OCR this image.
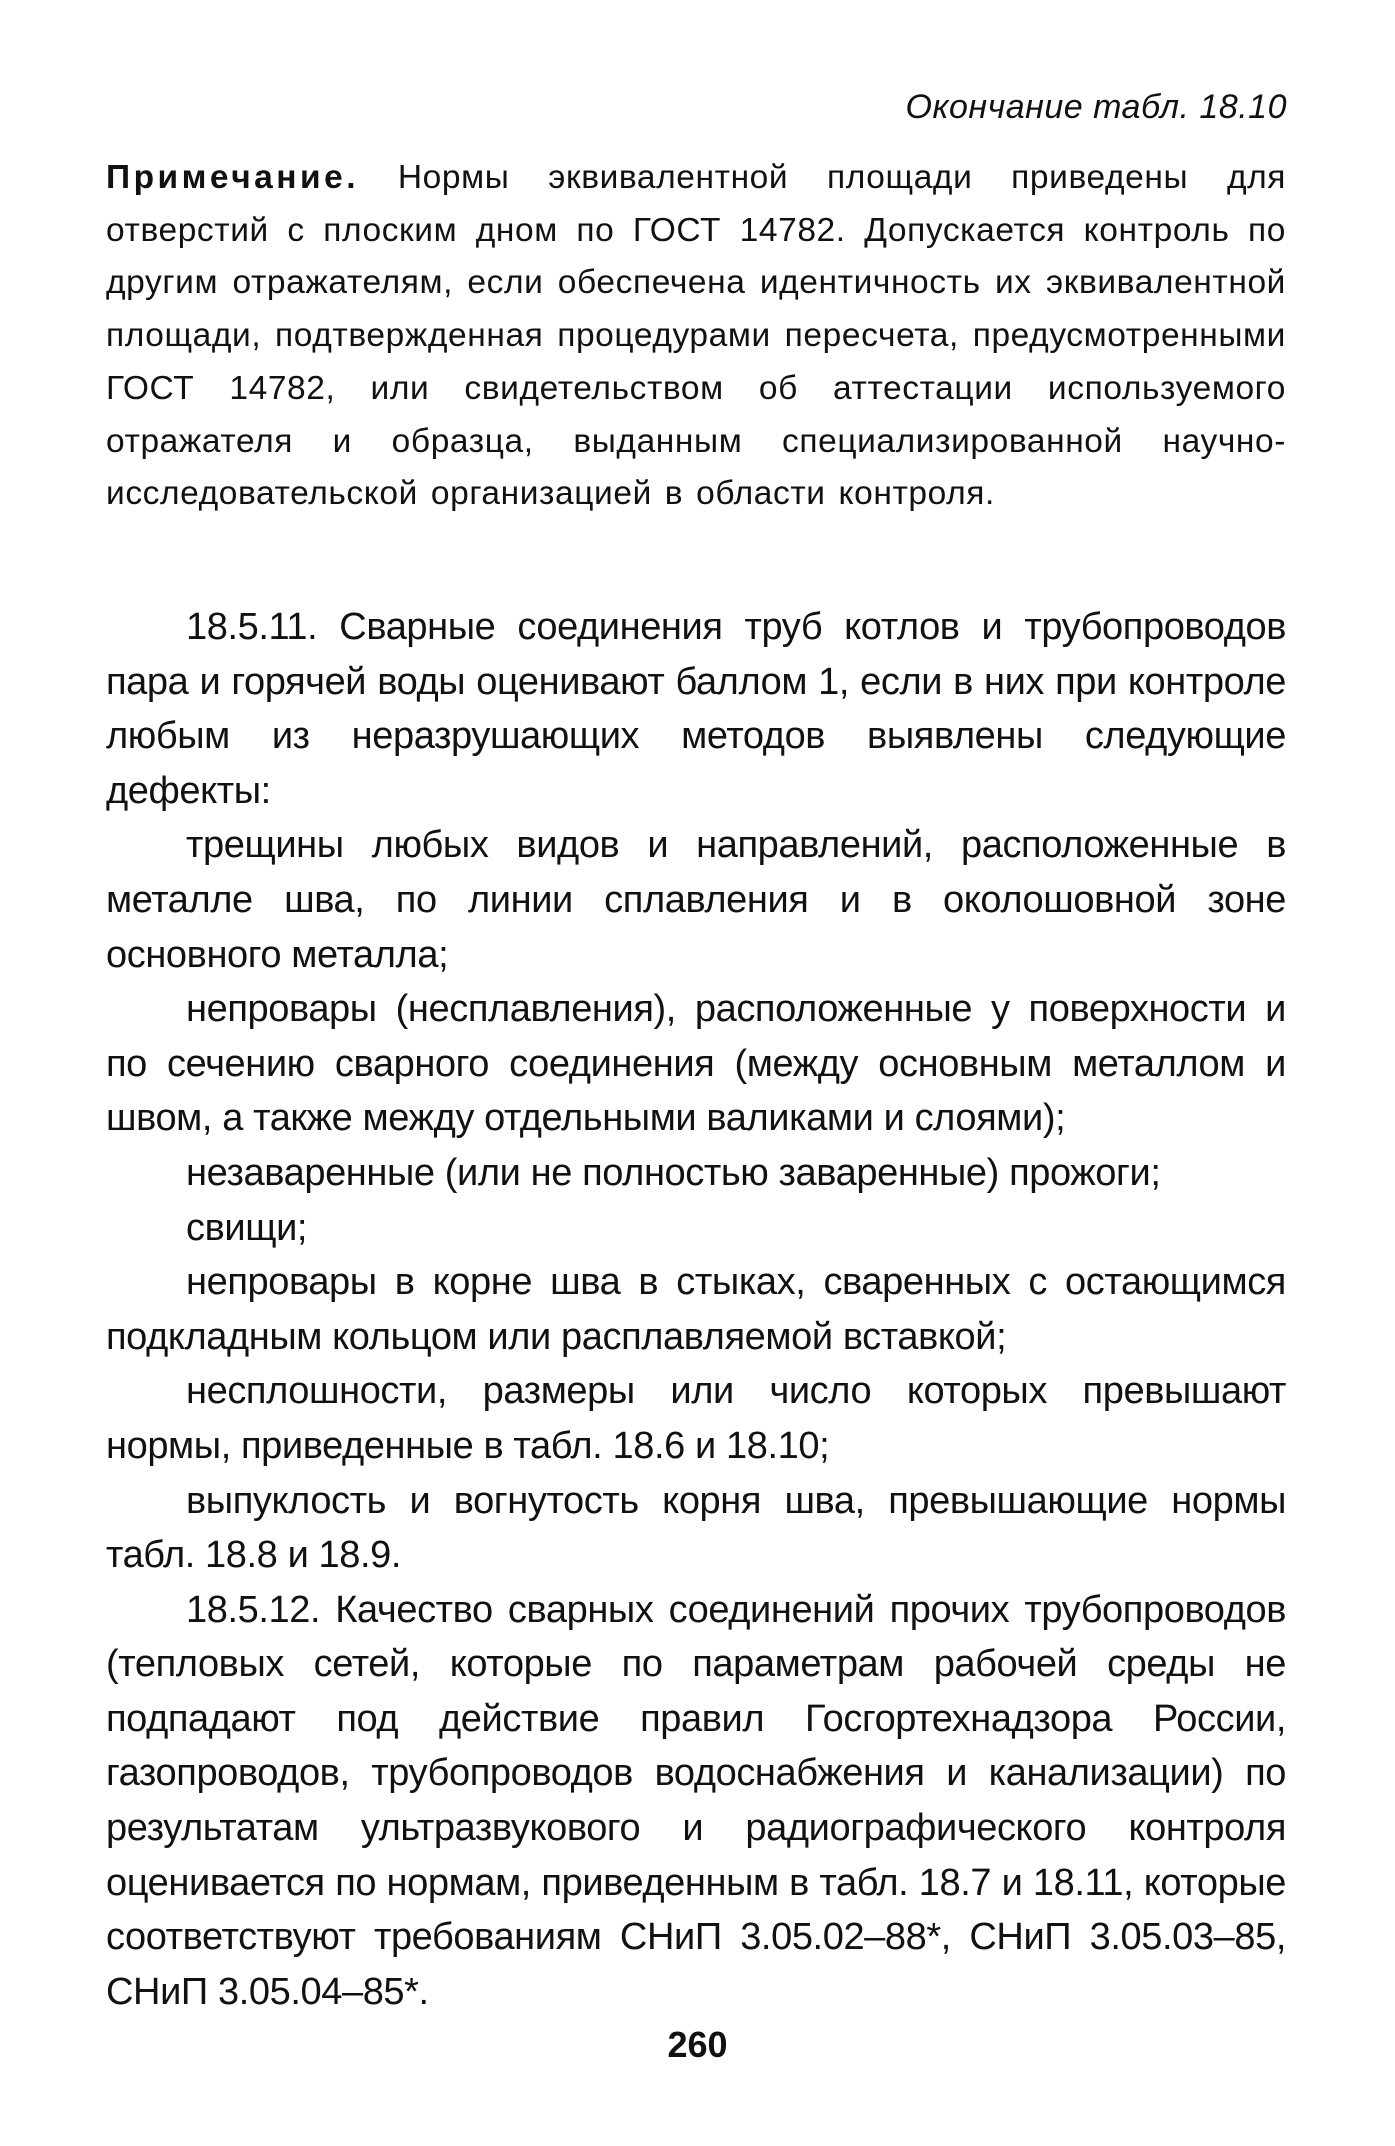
Окончание табл. 18.10
Примечание. Нормы эквивалентной площади приведены для отверстий с плоским дном по ГОСТ 14782. Допускается контроль по другим отражателям, если обеспечена идентичность их эквивалентной площади, подтвержденная процедурами пересчета, предусмотренными ГОСТ 14782, или свидетельством об аттестации используемого отражателя и образца, выданным специализированной научно-исследовательской организацией в области контроля.

18.5.11. Сварные соединения труб котлов и трубопроводов пара и горячей воды оценивают баллом 1, если в них при контроле любым из неразрушающих методов выявлены следующие дефекты:

трещины любых видов и направлений, расположенные в металле шва, по линии сплавления и в околошовной зоне основного металла;

непровары (несплавления), расположенные у поверхности и по сечению сварного соединения (между основным металлом и швом, а также между отдельными валиками и слоями);

незаваренные (или не полностью заваренные) прожоги;

свищи;

непровары в корне шва в стыках, сваренных с остающимся подкладным кольцом или расплавляемой вставкой;

несплошности, размеры или число которых превышают нормы, приведенные в табл. 18.6 и 18.10;

выпуклость и вогнутость корня шва, превышающие нормы табл. 18.8 и 18.9.

18.5.12. Качество сварных соединений прочих трубопроводов (тепловых сетей, которые по параметрам рабочей среды не подпадают под действие правил Госгортехнадзора России, газопроводов, трубопроводов водоснабжения и канализации) по результатам ультразвукового и радиографического контроля оценивается по нормам, приведенным в табл. 18.7 и 18.11, которые соответствуют требованиям СНиП 3.05.02–88*, СНиП 3.05.03–85, СНиП 3.05.04–85*.

260
